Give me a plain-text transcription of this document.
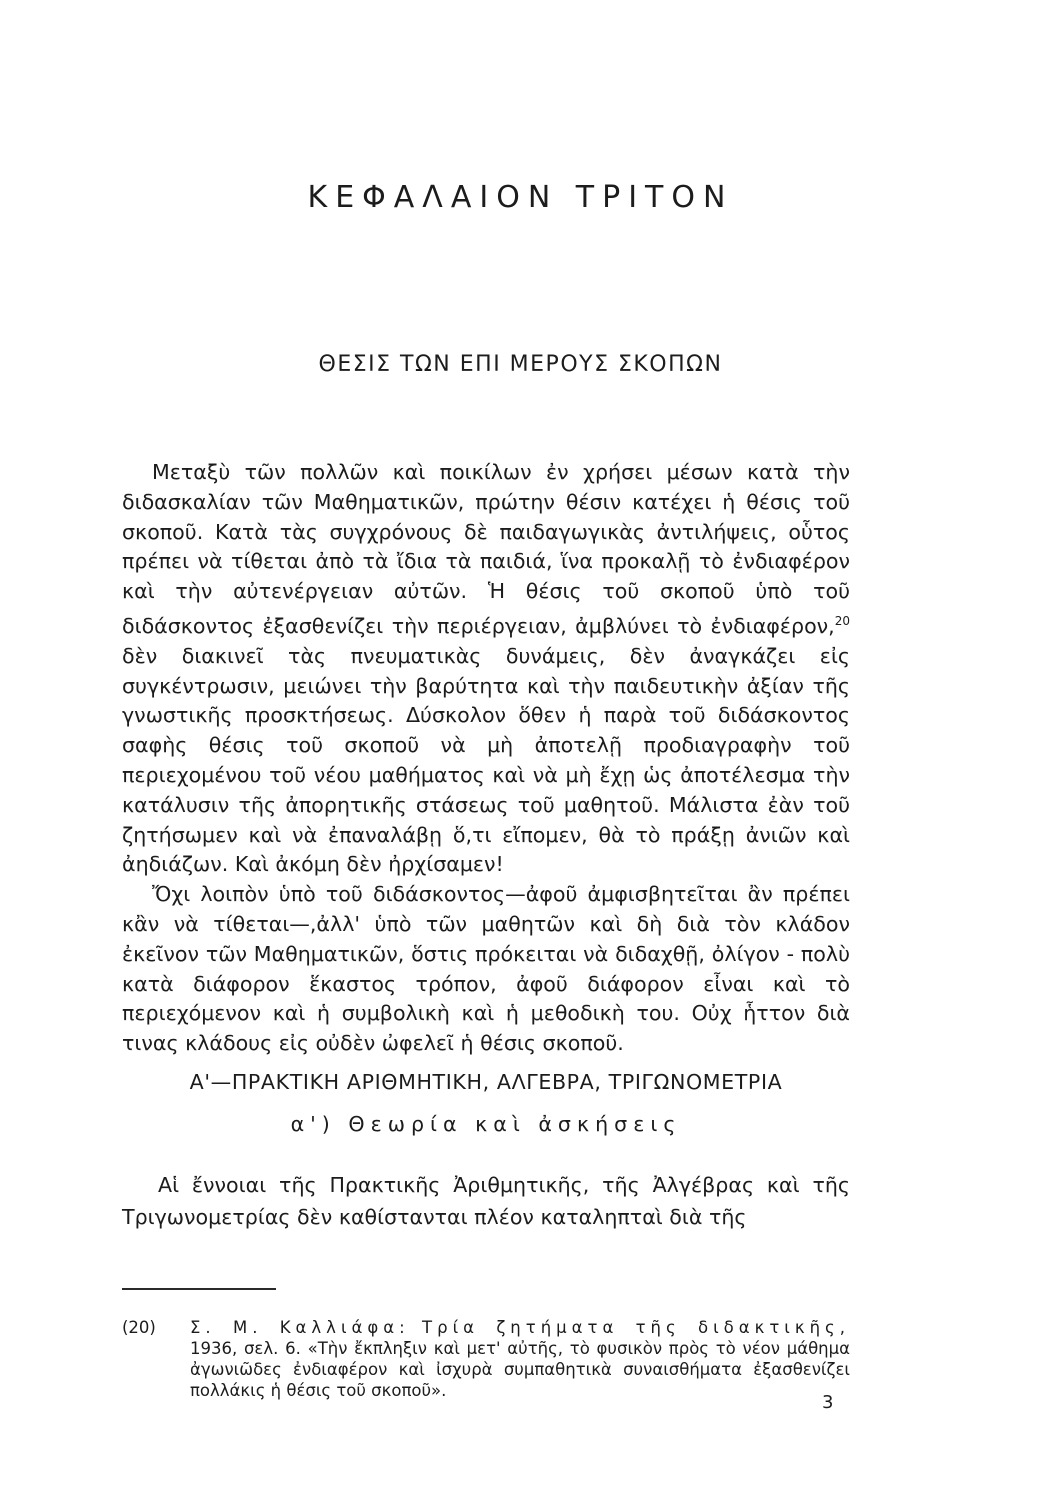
ΚΕΦΑΛΑΙΟΝ ΤΡΙΤΟΝ
ΘΕΣΙΣ ΤΩΝ ΕΠΙ ΜΕΡΟΥΣ ΣΚΟΠΩΝ

Μεταξὺ τῶν πολλῶν καὶ ποικίλων ἐν χρήσει μέσων κατὰ τὴν διδασκαλίαν τῶν Μαθηματικῶν, πρώτην θέσιν κατέχει ἡ θέσις τοῦ σκοποῦ. Κατὰ τὰς συγχρόνους δὲ παιδαγωγικὰς ἀντιλήψεις, οὗτος πρέπει νὰ τίθεται ἀπὸ τὰ ἴδια τὰ παιδιά, ἵνα προκαλῇ τὸ ἐνδιαφέρον καὶ τὴν αὐτενέργειαν αὐτῶν. Ἡ θέσις τοῦ σκοποῦ ὑπὸ τοῦ διδάσκοντος ἐξασθενίζει τὴν περιέργειαν, ἀμβλύνει τὸ ἐνδιαφέρον,$^{20}$ δὲν διακινεῖ τὰς πνευματικὰς δυνάμεις, δὲν ἀναγκάζει εἰς συγκέντρωσιν, μειώνει τὴν βαρύτητα καὶ τὴν παιδευτικὴν ἀξίαν τῆς γνωστικῆς προσκτήσεως. Δύσκολον ὅθεν ἡ παρὰ τοῦ διδάσκοντος σαφὴς θέσις τοῦ σκοποῦ νὰ μὴ ἀποτελῇ προδιαγραφὴν τοῦ περιεχομένου τοῦ νέου μαθήματος καὶ νὰ μὴ ἔχῃ ὡς ἀποτέλεσμα τὴν κατάλυσιν τῆς ἀπορητικῆς στάσεως τοῦ μαθητοῦ. Μάλιστα ἐὰν τοῦ ζητήσωμεν καὶ νὰ ἐπαναλάβῃ ὅ,τι εἴπομεν, θὰ τὸ πράξῃ ἀνιῶν καὶ ἀηδιάζων. Καὶ ἀκόμη δὲν ἠρχίσαμεν!

Ὄχι λοιπὸν ὑπὸ τοῦ διδάσκοντος—ἀφοῦ ἀμφισβητεῖται ἂν πρέπει κἂν νὰ τίθεται—,ἀλλ' ὑπὸ τῶν μαθητῶν καὶ δὴ διὰ τὸν κλάδον ἐκεῖνον τῶν Μαθηματικῶν, ὅστις πρόκειται νὰ διδαχθῇ, ὀλίγον - πολὺ κατὰ διάφορον ἕκαστος τρόπον, ἀφοῦ διάφορον εἶναι καὶ τὸ περιεχόμενον καὶ ἡ συμβολικὴ καὶ ἡ μεθοδικὴ του. Οὐχ ἧττον διὰ τινας κλάδους εἰς οὐδὲν ὠφελεῖ ἡ θέσις σκοποῦ.

Α'—ΠΡΑΚΤΙΚΗ ΑΡΙΘΜΗΤΙΚΗ, ΑΛΓΕΒΡΑ, ΤΡΙΓΩΝΟΜΕΤΡΙΑ
α') Θεωρία καὶ ἀσκήσεις

Αἱ ἔννοιαι τῆς Πρακτικῆς Ἀριθμητικῆς, τῆς Ἀλγέβρας καὶ τῆς Τριγωνομετρίας δὲν καθίστανται πλέον καταληπταὶ διὰ τῆς

(20)	Σ. Μ. Καλλιάφα: Τρία ζητήματα τῆς διδακτικῆς, 1936, σελ. 6. «Τὴν ἔκπληξιν καὶ μετ' αὐτῆς, τὸ φυσικὸν πρὸς τὸ νέον μάθημα ἀγωνιῶδες ἐνδιαφέρον καὶ ἰσχυρὰ συμπαθητικὰ συναισθήματα ἐξασθενίζει πολλάκις ἡ θέσις τοῦ σκοποῦ».
3
